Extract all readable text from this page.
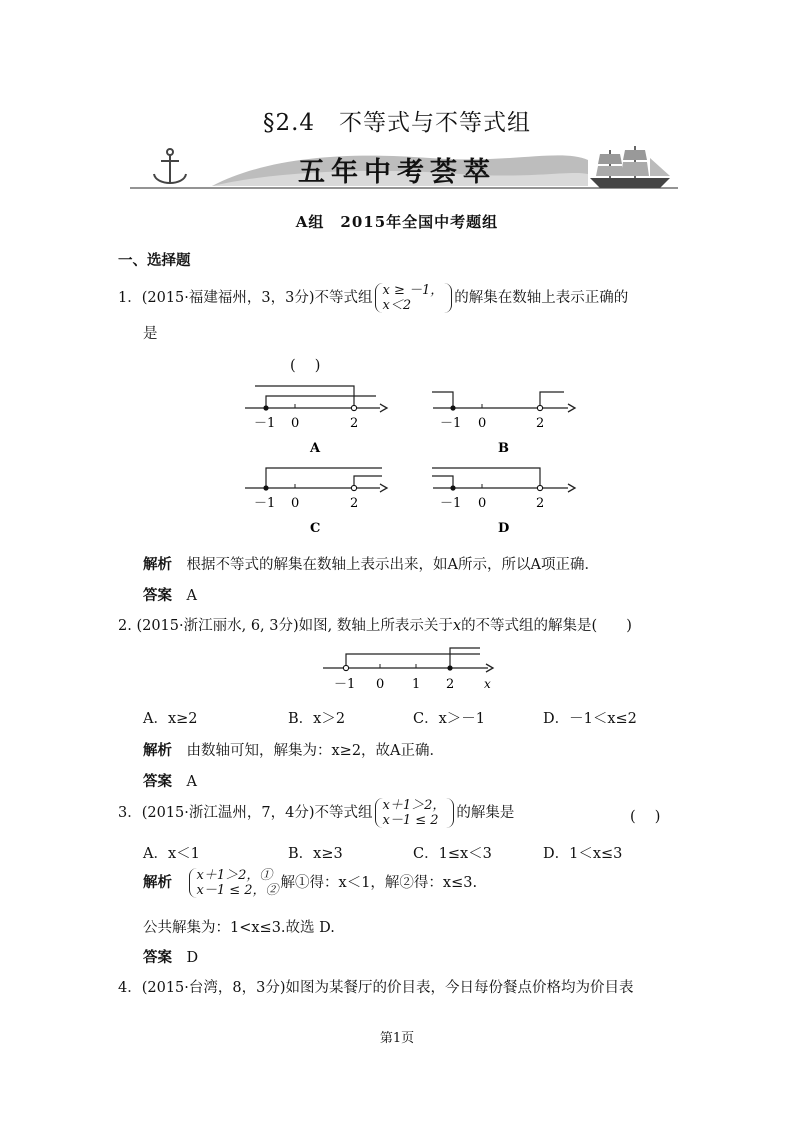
§2.4　不等式与不等式组
五年中考荟萃
A组　2015年全国中考题组
一、选择题
1．(2015·福建福州，3，3分)不等式组 x ≥ －1，
x＜2	的解集在数轴上表示正确的
是
(　 )
－1 0	2
A
－1 0	2
B
－1 0	2
C
－1 0	2
D
解析　 根据不等式的解集在数轴上表示出来，如A所示，所以A项正确．
答案　 A
2. (2015·浙江丽水, 6, 3分)如图, 数轴上所表示关于x的不等式组的解集是(　　)
－1 0 1 2 x
A．x≥2	B．x＞2	C．x＞－1	D．－1＜x≤2
解析　 由数轴可知，解集为：x≥2，故A正确．
答案　 A
3．(2015·浙江温州，7，4分)不等式组 x＋1＞2，
x－1 ≤ 2	的解集是	(　 )
A．x＜1	B．x≥3	C．1≤x＜3	D．1＜x≤3
解析　 x＋1＞2，①
x－1 ≤ 2，② 解①得：x＜1，解②得：x≤3.
公共解集为：1<x≤3.故选 D.
答案　 D
4．(2015·台湾，8，3分)如图为某餐厅的价目表，今日每份餐点价格均为价目表
第1页
